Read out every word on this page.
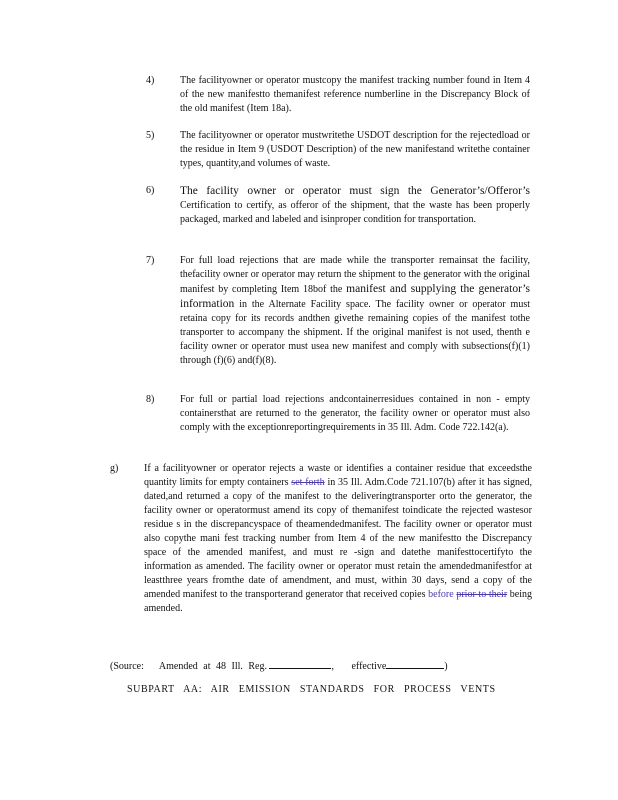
4)	The facilityowner or operator mustcopy the manifest tracking number found in Item 4 of the new manifestto themanifest reference numberline in the Discrepancy Block of the old manifest (Item 18a).

5)	The facilityowner or operator mustwritethe USDOT description for the rejectedload or the residue in Item 9 (USDOT Description) of the new manifestand writethe container types, quantity,and volumes of waste.

6) The facility owner or operator must sign the Generator’s/Offeror’s Certification to certify, as offeror of the shipment, that the waste has been properly packaged, marked and labeled and isinproper condition for transportation.

7)	For full load rejections that are made while the transporter remainsat the facility, thefacility owner or operator may return the shipment to the generator with the original manifest by completing Item 18bof the manifest and supplying the generator’s information in the Alternate Facility space. The facility owner or operator must retaina copy for its records andthen givethe remaining copies of the manifest tothe transporter to accompany the shipment. If the original manifest is not used, thenth e facility owner or operator must usea new manifest and comply with subsections(f)(1) through (f)(6) and(f)(8).

8)	For full or partial load rejections andcontainerresidues contained in non - empty containersthat are returned to the generator, the facility owner or operator must also comply with the exceptionreportingrequirements in 35 Ill. Adm. Code 722.142(a).

g)	If a facilityowner or operator rejects a waste or identifies a container residue that exceedsthe quantity limits for empty containers set forth in 35 Ill. Adm.Code 721.107(b) after it has signed, dated,and returned a copy of the manifest to the deliveringtransporter orto the generator, the facility owner or operatormust amend its copy of themanifest toindicate the rejected wastesor residue s in the discrepancyspace of theamendedmanifest. The facility owner or operator must also copythe mani fest tracking number from Item 4 of the new manifestto the Discrepancy space of the amended manifest, and must re -sign and datethe manifesttocertifyto the information as amended. The facility owner or operator must retain the amendedmanifestfor at leastthree years fromthe date of amendment, and must, within 30 days, send a copy of the amended manifest to the transporterand generator that received copies before prior to their being amended.

(Source: Amended at 48 Ill. Reg.	, effective	)
SUBPART AA: AIR EMISSION STANDARDS FOR PROCESS VENTS
